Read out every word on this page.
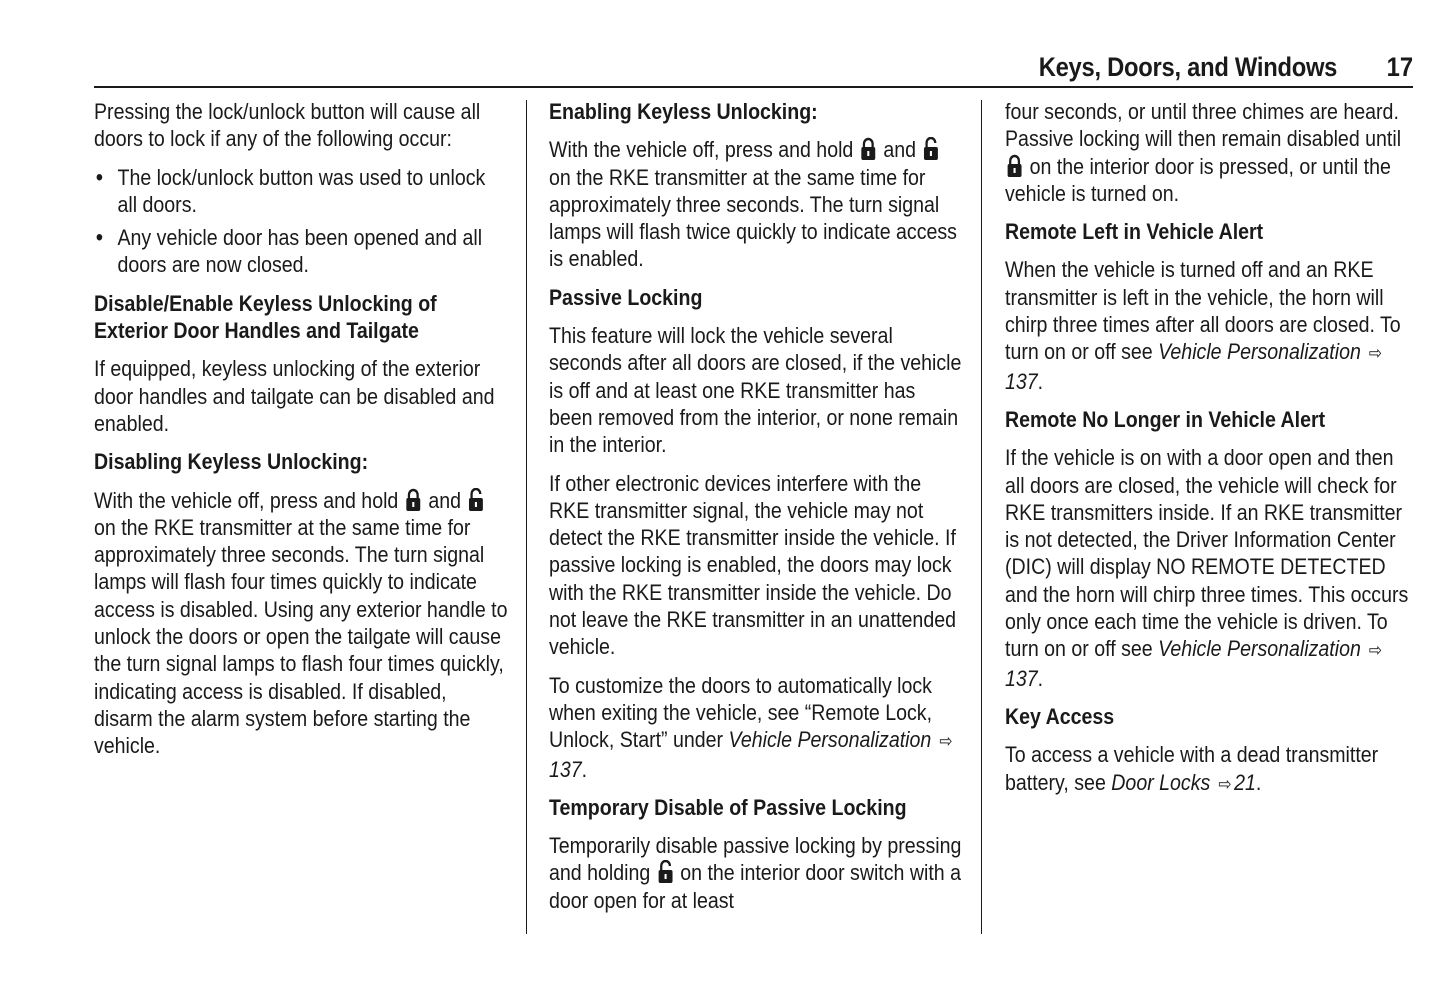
Keys, Doors, and Windows 17

Pressing the lock/unlock button will cause all doors to lock if any of the following occur:

• The lock/unlock button was used to unlock all doors.
• Any vehicle door has been opened and all doors are now closed.
Disable/Enable Keyless Unlocking of Exterior Door Handles and Tailgate

If equipped, keyless unlocking of the exterior door handles and tailgate can be disabled and enabled.

Disabling Keyless Unlocking:

With the vehicle off, press and hold and  on the RKE transmitter at the same time for approximately three seconds. The turn signal lamps will flash four times quickly to indicate access is disabled. Using any exterior handle to unlock the doors or open the tailgate will cause the turn signal lamps to flash four times quickly, indicating access is disabled. If disabled, disarm the alarm system before starting the vehicle.

Enabling Keyless Unlocking:

With the vehicle off, press and hold and  on the RKE transmitter at the same time for approximately three seconds. The turn signal lamps will flash twice quickly to indicate access is enabled.

Passive Locking

This feature will lock the vehicle several seconds after all doors are closed, if the vehicle is off and at least one RKE transmitter has been removed from the interior, or none remain in the interior.

If other electronic devices interfere with the RKE transmitter signal, the vehicle may not detect the RKE transmitter inside the vehicle. If passive locking is enabled, the doors may lock with the RKE transmitter inside the vehicle. Do not leave the RKE transmitter in an unattended vehicle.

To customize the doors to automatically lock when exiting the vehicle, see “Remote Lock, Unlock, Start” under Vehicle Personalization ⇨137.

Temporary Disable of Passive Locking

Temporarily disable passive locking by pressing and holding on the interior door switch with a door open for at least

four seconds, or until three chimes are heard. Passive locking will then remain disabled until  on the interior door is pressed, or until the vehicle is turned on.

Remote Left in Vehicle Alert

When the vehicle is turned off and an RKE transmitter is left in the vehicle, the horn will chirp three times after all doors are closed. To turn on or off see Vehicle Personalization ⇨137.

Remote No Longer in Vehicle Alert

If the vehicle is on with a door open and then all doors are closed, the vehicle will check for RKE transmitters inside. If an RKE transmitter is not detected, the Driver Information Center (DIC) will display NO REMOTE DETECTED and the horn will chirp three times. This occurs only once each time the vehicle is driven. To turn on or off see Vehicle Personalization ⇨137.

Key Access

To access a vehicle with a dead transmitter battery, see Door Locks ⇨ 21.
